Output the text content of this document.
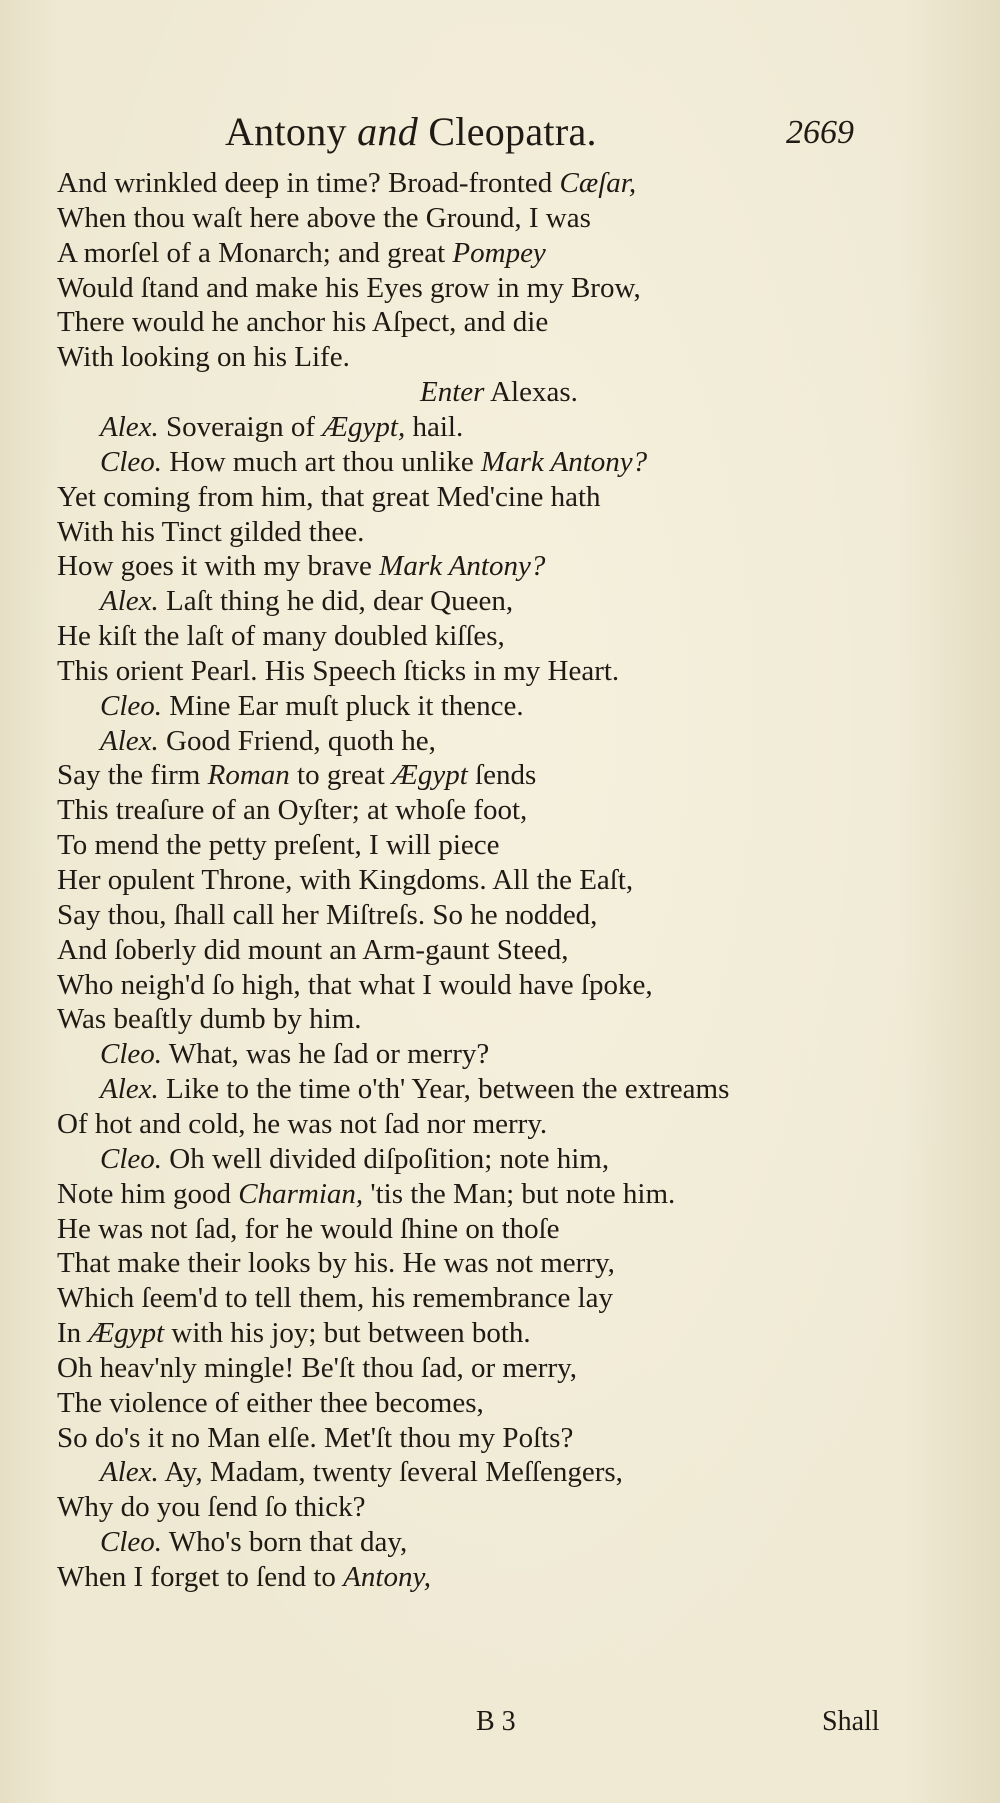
Antony and Cleopatra.	2669
And wrinkled deep in time? Broad-fronted Cæſar,
When thou waſt here above the Ground, I was
A morſel of a Monarch; and great Pompey
Would ſtand and make his Eyes grow in my Brow,
There would he anchor his Aſpect, and die
With looking on his Life.
Enter Alexas.
Alex. Soveraign of Ægypt, hail.
Cleo. How much art thou unlike Mark Antony?
Yet coming from him, that great Med'cine hath
With his Tinct gilded thee.
How goes it with my brave Mark Antony?
Alex. Laſt thing he did, dear Queen,
He kiſt the laſt of many doubled kiſſes,
This orient Pearl. His Speech ſticks in my Heart.
Cleo. Mine Ear muſt pluck it thence.
Alex. Good Friend, quoth he,
Say the firm Roman to great Ægypt ſends
This treaſure of an Oyſter; at whoſe foot,
To mend the petty preſent, I will piece
Her opulent Throne, with Kingdoms. All the Eaſt,
Say thou, ſhall call her Miſtreſs. So he nodded,
And ſoberly did mount an Arm-gaunt Steed,
Who neigh'd ſo high, that what I would have ſpoke,
Was beaſtly dumb by him.
Cleo. What, was he ſad or merry?
Alex. Like to the time o'th' Year, between the extreams
Of hot and cold, he was not ſad nor merry.
Cleo. Oh well divided diſpoſition; note him,
Note him good Charmian, 'tis the Man; but note him.
He was not ſad, for he would ſhine on thoſe
That make their looks by his. He was not merry,
Which ſeem'd to tell them, his remembrance lay
In Ægypt with his joy; but between both.
Oh heav'nly mingle! Be'ſt thou ſad, or merry,
The violence of either thee becomes,
So do's it no Man elſe. Met'ſt thou my Poſts?
Alex. Ay, Madam, twenty ſeveral Meſſengers,
Why do you ſend ſo thick?
Cleo. Who's born that day,
When I forget to ſend to Antony,
B 3	Shall
